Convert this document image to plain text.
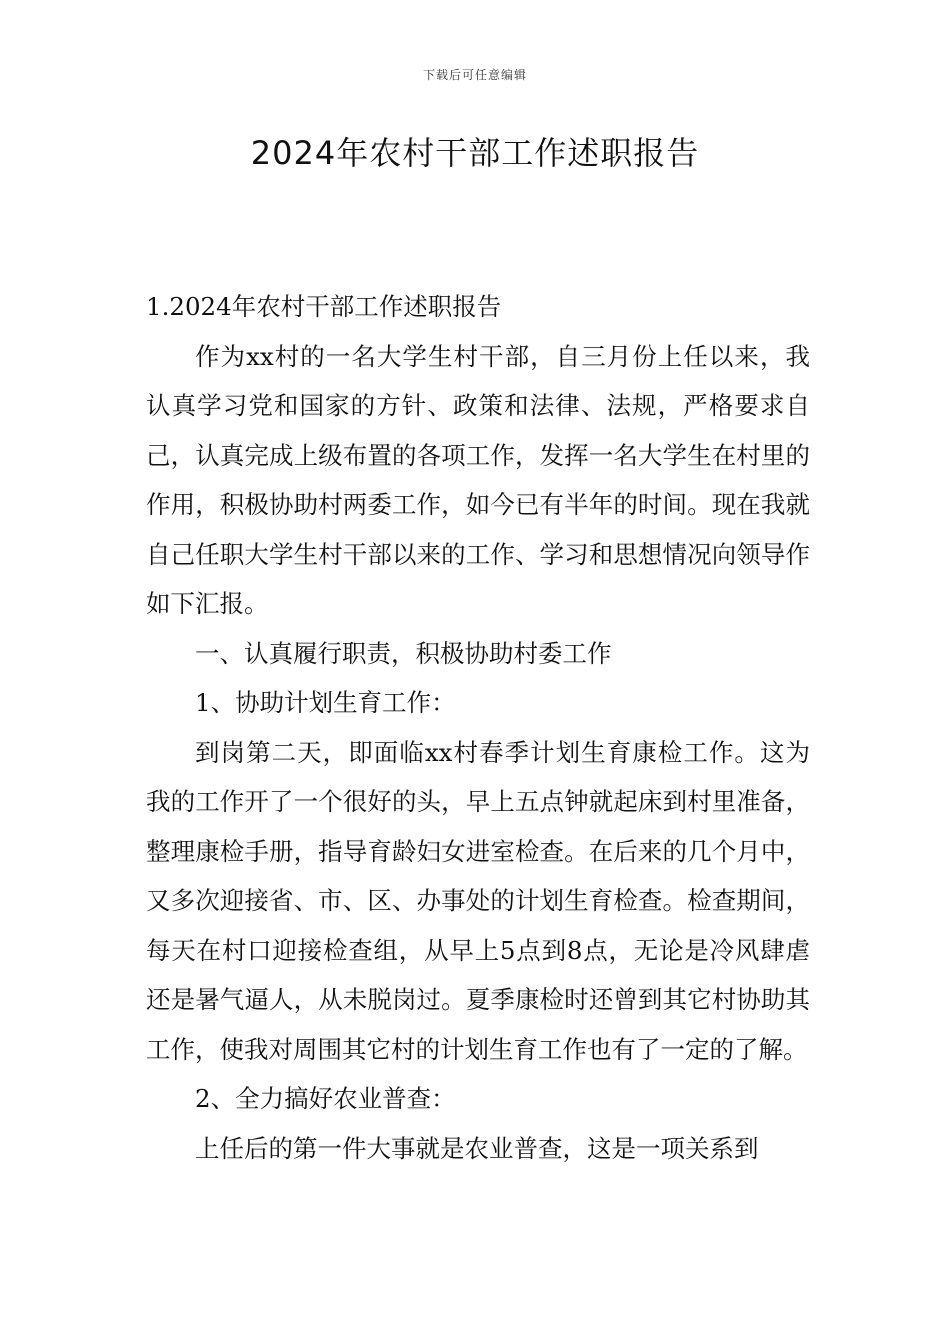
下载后可任意编辑
2024年农村干部工作述职报告

1.2024年农村干部工作述职报告

作为xx村的一名大学生村干部，自三月份上任以来，我认真学习党和国家的方针、政策和法律、法规，严格要求自己，认真完成上级布置的各项工作，发挥一名大学生在村里的作用，积极协助村两委工作，如今已有半年的时间。现在我就自己任职大学生村干部以来的工作、学习和思想情况向领导作如下汇报。

一、认真履行职责，积极协助村委工作

1、协助计划生育工作：

到岗第二天，即面临xx村春季计划生育康检工作。这为我的工作开了一个很好的头，早上五点钟就起床到村里准备，整理康检手册，指导育龄妇女进室检查。在后来的几个月中，又多次迎接省、市、区、办事处的计划生育检查。检查期间，每天在村口迎接检查组，从早上5点到8点，无论是冷风肆虐还是暑气逼人，从未脱岗过。夏季康检时还曾到其它村协助其工作，使我对周围其它村的计划生育工作也有了一定的了解。

2、全力搞好农业普查：

上任后的第一件大事就是农业普查，这是一项关系到
